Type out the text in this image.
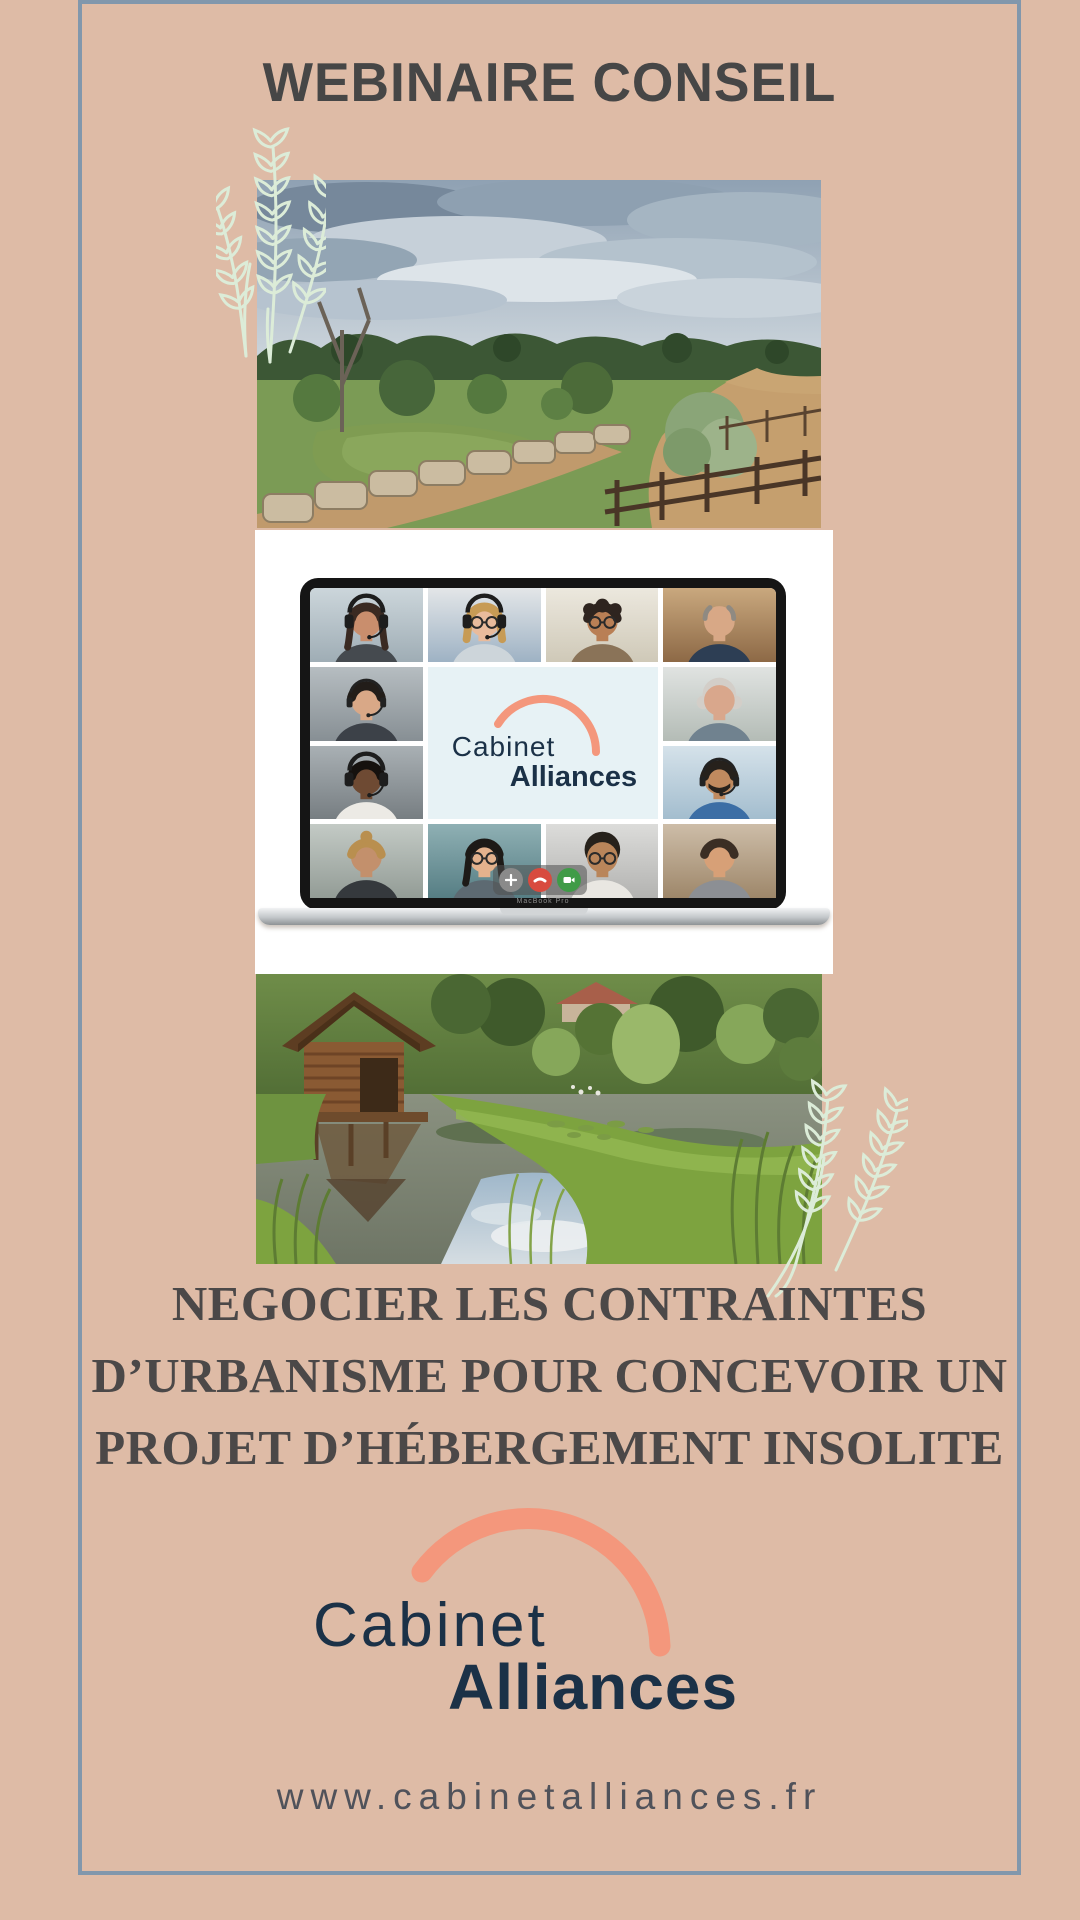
WEBINAIRE CONSEIL
Cabinet
Alliances
MacBook Pro
NEGOCIER LES CONTRAINTES
D’URBANISME POUR CONCEVOIR UN
PROJET D’HÉBERGEMENT INSOLITE
Cabinet
Alliances
www.cabinetalliances.fr
